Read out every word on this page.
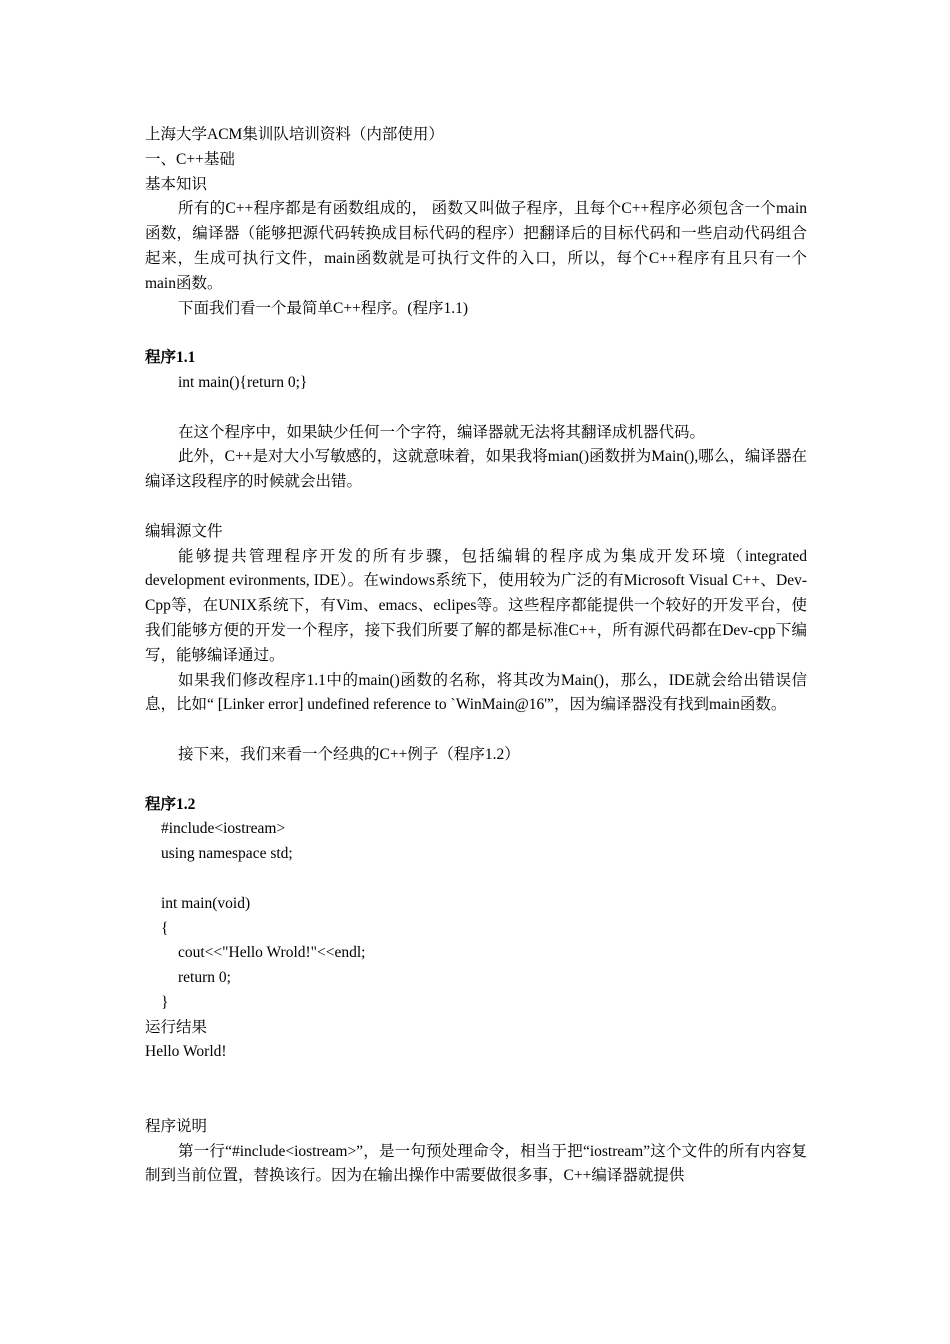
上海大学ACM集训队培训资料（内部使用）
一、C++基础
基本知识
所有的C++程序都是有函数组成的， 函数又叫做子程序，且每个C++程序必须包含一个main函数，编译器（能够把源代码转换成目标代码的程序）把翻译后的目标代码和一些启动代码组合起来，生成可执行文件，main函数就是可执行文件的入口，所以，每个C++程序有且只有一个main函数。
下面我们看一个最简单C++程序。(程序1.1)
程序1.1
int main(){return 0;}
在这个程序中，如果缺少任何一个字符，编译器就无法将其翻译成机器代码。
此外，C++是对大小写敏感的，这就意味着，如果我将mian()函数拼为Main(),哪么，编译器在编译这段程序的时候就会出错。
编辑源文件
能够提共管理程序开发的所有步骤，包括编辑的程序成为集成开发环境（integrated development evironments, IDE）。在windows系统下，使用较为广泛的有Microsoft Visual C++、Dev-Cpp等，在UNIX系统下，有Vim、emacs、eclipes等。这些程序都能提供一个较好的开发平台，使我们能够方便的开发一个程序，接下我们所要了解的都是标准C++，所有源代码都在Dev-cpp下编写，能够编译通过。
如果我们修改程序1.1中的main()函数的名称，将其改为Main()，那么，IDE就会给出错误信息，比如“ [Linker error] undefined reference to `WinMain@16'”，因为编译器没有找到main函数。
接下来，我们来看一个经典的C++例子（程序1.2）
程序1.2
#include<iostream>
using namespace std;
int main(void)
{
cout<<"Hello Wrold!"<<endl;
return 0;
}
运行结果
Hello World!
程序说明
第一行“#include<iostream>”，是一句预处理命令，相当于把“iostream”这个文件的所有内容复制到当前位置，替换该行。因为在输出操作中需要做很多事，C++编译器就提供
